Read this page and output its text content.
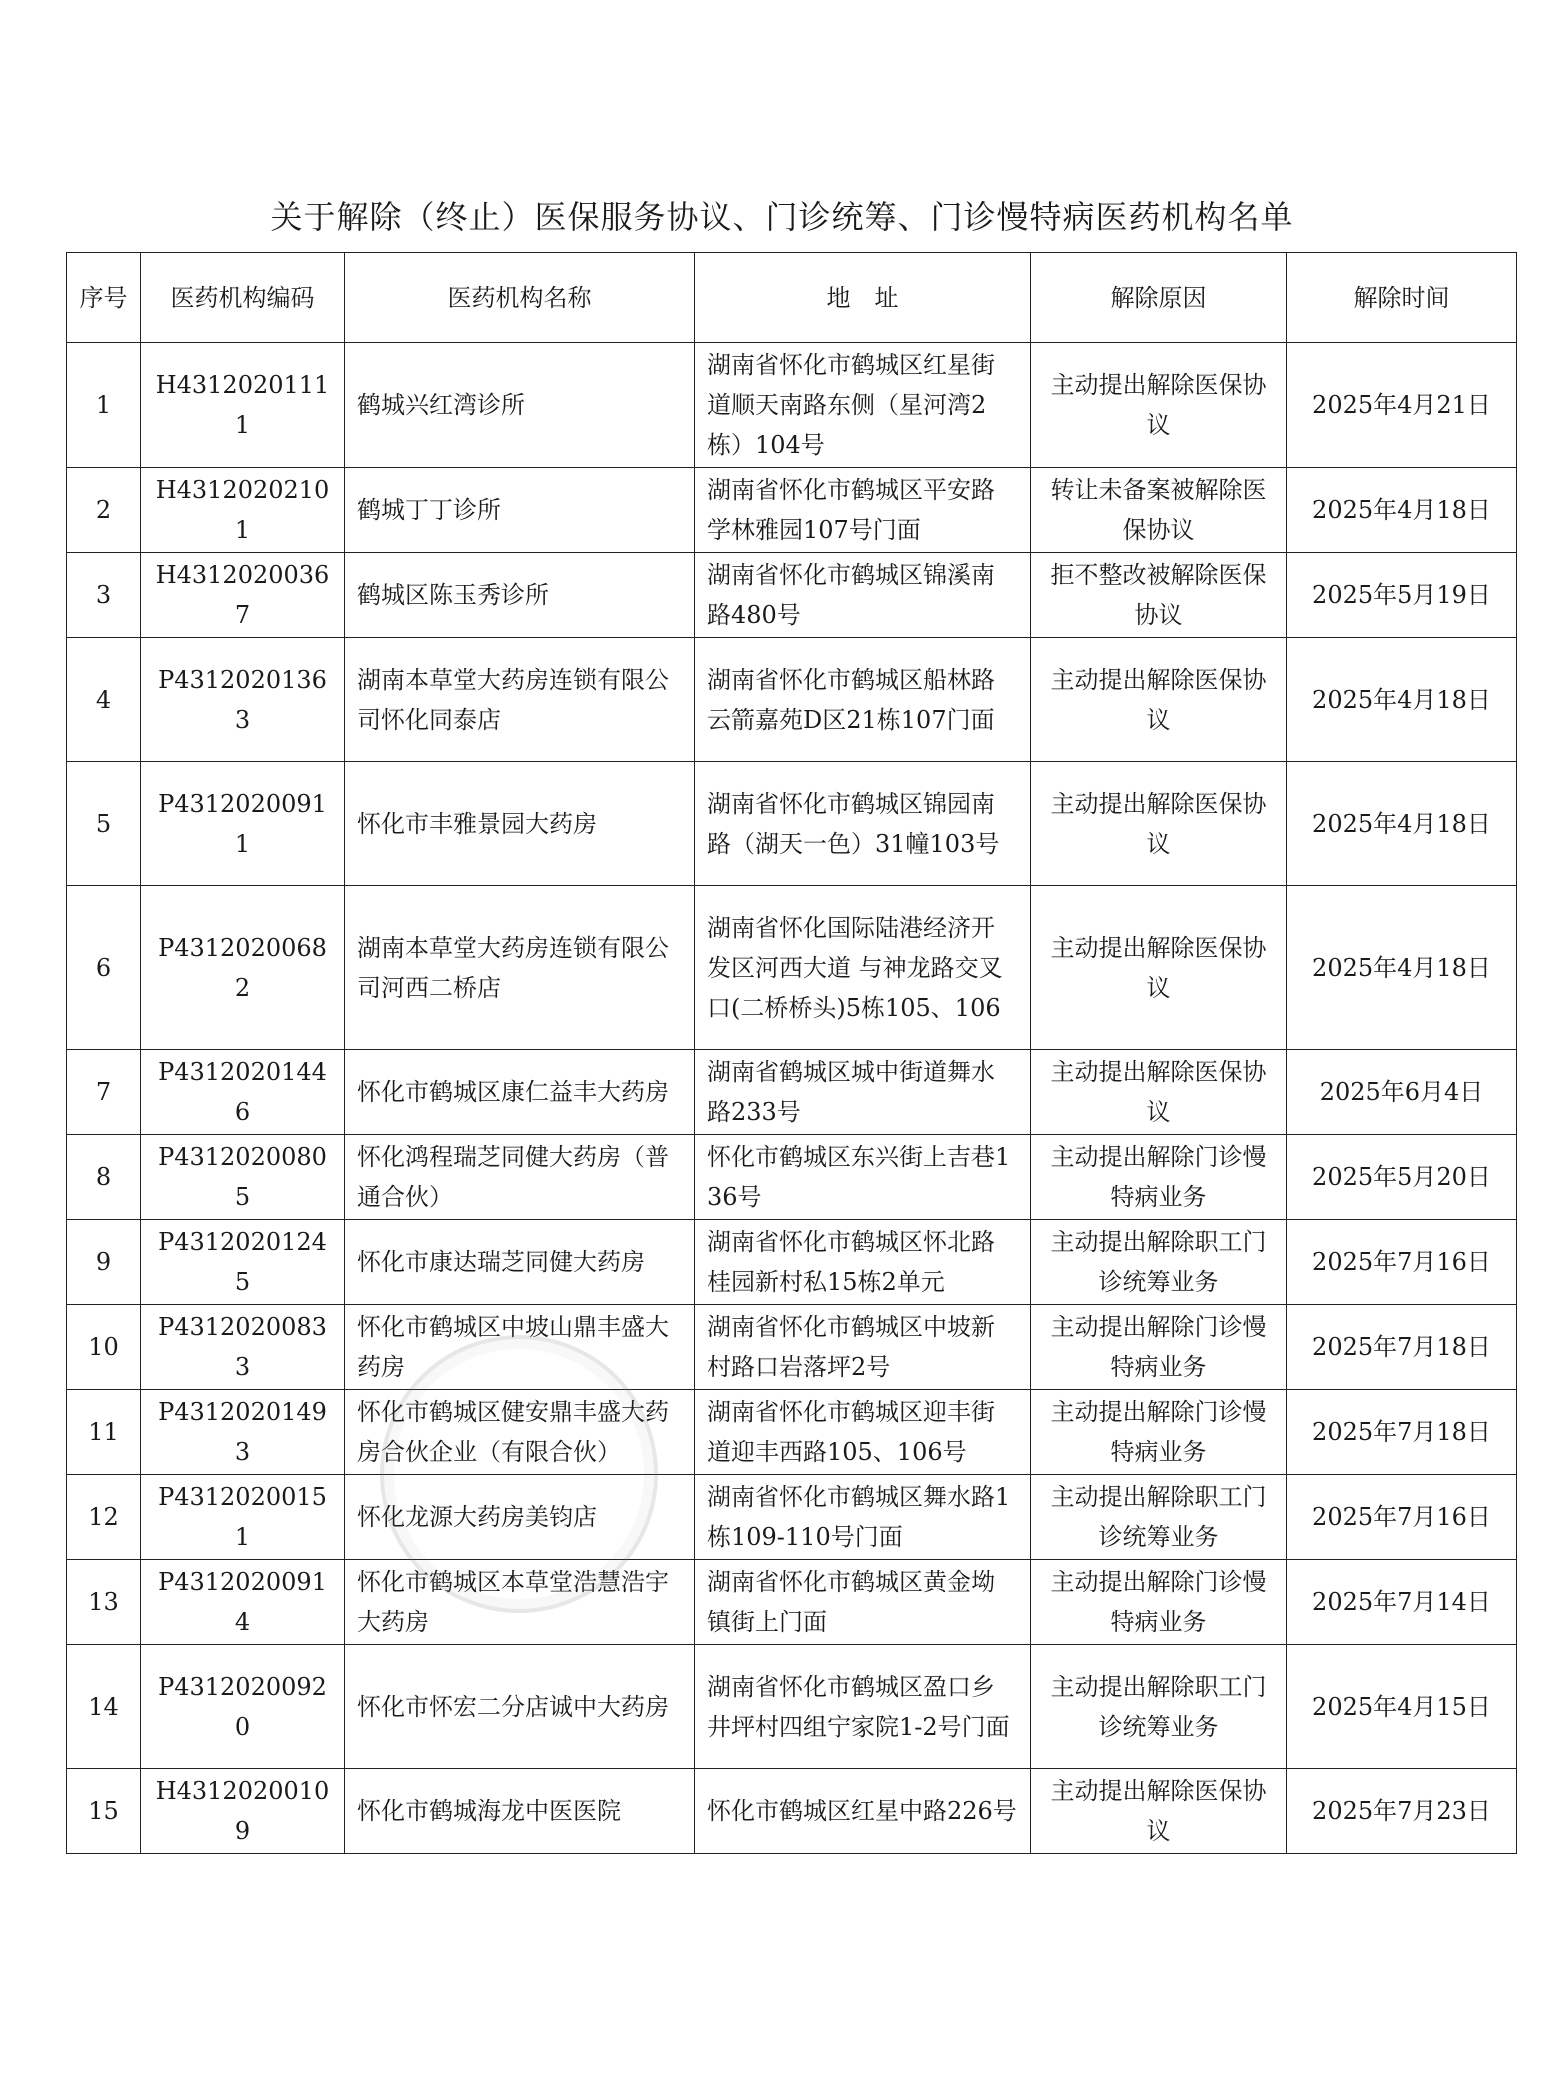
关于解除（终止）医保服务协议、门诊统筹、门诊慢特病医药机构名单
序号	医药机构编码	医药机构名称	地　址	解除原因	解除时间
1	H43120201111	鹤城兴红湾诊所	湖南省怀化市鹤城区红星街道顺天南路东侧（星河湾2栋）104号	主动提出解除医保协议	2025年4月21日
2	H43120202101	鹤城丁丁诊所	湖南省怀化市鹤城区平安路学林雅园107号门面	转让未备案被解除医保协议	2025年4月18日
3	H43120200367	鹤城区陈玉秀诊所	湖南省怀化市鹤城区锦溪南路480号	拒不整改被解除医保协议	2025年5月19日
4	P43120201363	湖南本草堂大药房连锁有限公司怀化同泰店	湖南省怀化市鹤城区船林路云箭嘉苑D区21栋107门面	主动提出解除医保协议	2025年4月18日
5	P43120200911	怀化市丰雅景园大药房	湖南省怀化市鹤城区锦园南路（湖天一色）31幢103号	主动提出解除医保协议	2025年4月18日
6	P43120200682	湖南本草堂大药房连锁有限公司河西二桥店	湖南省怀化国际陆港经济开发区河西大道 与神龙路交叉口(二桥桥头)5栋105、106	主动提出解除医保协议	2025年4月18日
7	P43120201446	怀化市鹤城区康仁益丰大药房	湖南省鹤城区城中街道舞水路233号	主动提出解除医保协议	2025年6月4日
8	P43120200805	怀化鸿程瑞芝同健大药房（普通合伙）	怀化市鹤城区东兴街上吉巷136号	主动提出解除门诊慢特病业务	2025年5月20日
9	P43120201245	怀化市康达瑞芝同健大药房	湖南省怀化市鹤城区怀北路桂园新村私15栋2单元	主动提出解除职工门诊统筹业务	2025年7月16日
10	P43120200833	怀化市鹤城区中坡山鼎丰盛大药房	湖南省怀化市鹤城区中坡新村路口岩落坪2号	主动提出解除门诊慢特病业务	2025年7月18日
11	P43120201493	怀化市鹤城区健安鼎丰盛大药房合伙企业（有限合伙）	湖南省怀化市鹤城区迎丰街道迎丰西路105、106号	主动提出解除门诊慢特病业务	2025年7月18日
12	P43120200151	怀化龙源大药房美钧店	湖南省怀化市鹤城区舞水路1栋109-110号门面	主动提出解除职工门诊统筹业务	2025年7月16日
13	P43120200914	怀化市鹤城区本草堂浩慧浩宇大药房	湖南省怀化市鹤城区黄金坳镇街上门面	主动提出解除门诊慢特病业务	2025年7月14日
14	P43120200920	怀化市怀宏二分店诚中大药房	湖南省怀化市鹤城区盈口乡井坪村四组宁家院1-2号门面	主动提出解除职工门诊统筹业务	2025年4月15日
15	H43120200109	怀化市鹤城海龙中医医院	怀化市鹤城区红星中路226号	主动提出解除医保协议	2025年7月23日
